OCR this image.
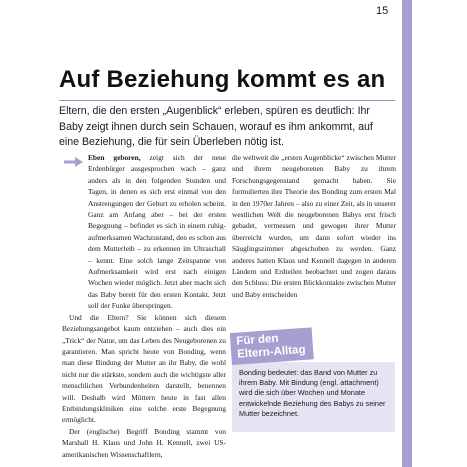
15
Auf Beziehung kommt es an

Eltern, die den ersten „Augenblick“ erleben, spüren es deutlich: Ihr Baby zeigt ihnen durch sein Schauen, worauf es ihm ankommt, auf eine Beziehung, die für sein Überleben nötig ist.

Eben geboren, zeigt sich der neue Erdenbürger ausgesprochen wach – ganz anders als in den folgenden Stunden und Tagen, in denen es sich erst einmal von den Anstrengungen der Geburt zu erholen scheint. Ganz am Anfang aber – bei der ersten Begegnung – befindet es sich in einem ruhig-aufmerksamen Wachzustand, den es schon aus dem Mutterleib – zu erkennen im Ultraschall – kennt. Eine solch lange Zeitspanne von Aufmerksamkeit wird erst nach einigen Wochen wieder möglich. Jetzt aber macht sich das Baby bereit für den ersten Kontakt. Jetzt soll der Funke überspringen.

Und die Eltern? Sie können sich diesem Beziehungsangebot kaum entziehen – auch dies ein „Trick“ der Natur, um das Leben des Neugeborenen zu garantieren. Man spricht heute von Bonding, wenn man diese Bindung der Mutter an ihr Baby, die wohl nicht nur die stärkste, sondern auch die wichtigste aller menschlichen Verbundenheiten darstellt, benennen will. Deshalb wird Müttern heute in fast allen Entbindungskliniken eine solche erste Begegnung ermöglicht.

Der (englische) Begriff Bonding stammt von Marshall H. Klaus und John H. Kennell, zwei US-amerikanischen Wissenschaftlern,

die weltweit die „ersten Augenblicke“ zwischen Mutter und ihrem neugeborenen Baby zu ihrem Forschungsgegenstand gemacht haben. Sie formulierten ihre Theorie des Bonding zum ersten Mal in den 1970er Jahren – also zu einer Zeit, als in unserer westlichen Welt die neugeborenen Babys erst frisch gebadet, vermessen und gewogen ihrer Mutter überreicht wurden, um dann sofort wieder ins Säuglingszimmer abgeschoben zu werden. Ganz anderes hatten Klaus und Kennell dagegen in anderen Ländern und Erdteilen beobachtet und zogen daraus den Schluss: Die ersten Blickkontakte zwischen Mutter und Baby entscheiden

Für den
Eltern-Alltag

Bonding bedeutet: das Band von Mutter zu ihrem Baby. Mit Bindung (engl. attachment) wird die sich über Wochen und Monate entwickelnde Beziehung des Babys zu seiner Mutter bezeichnet.
